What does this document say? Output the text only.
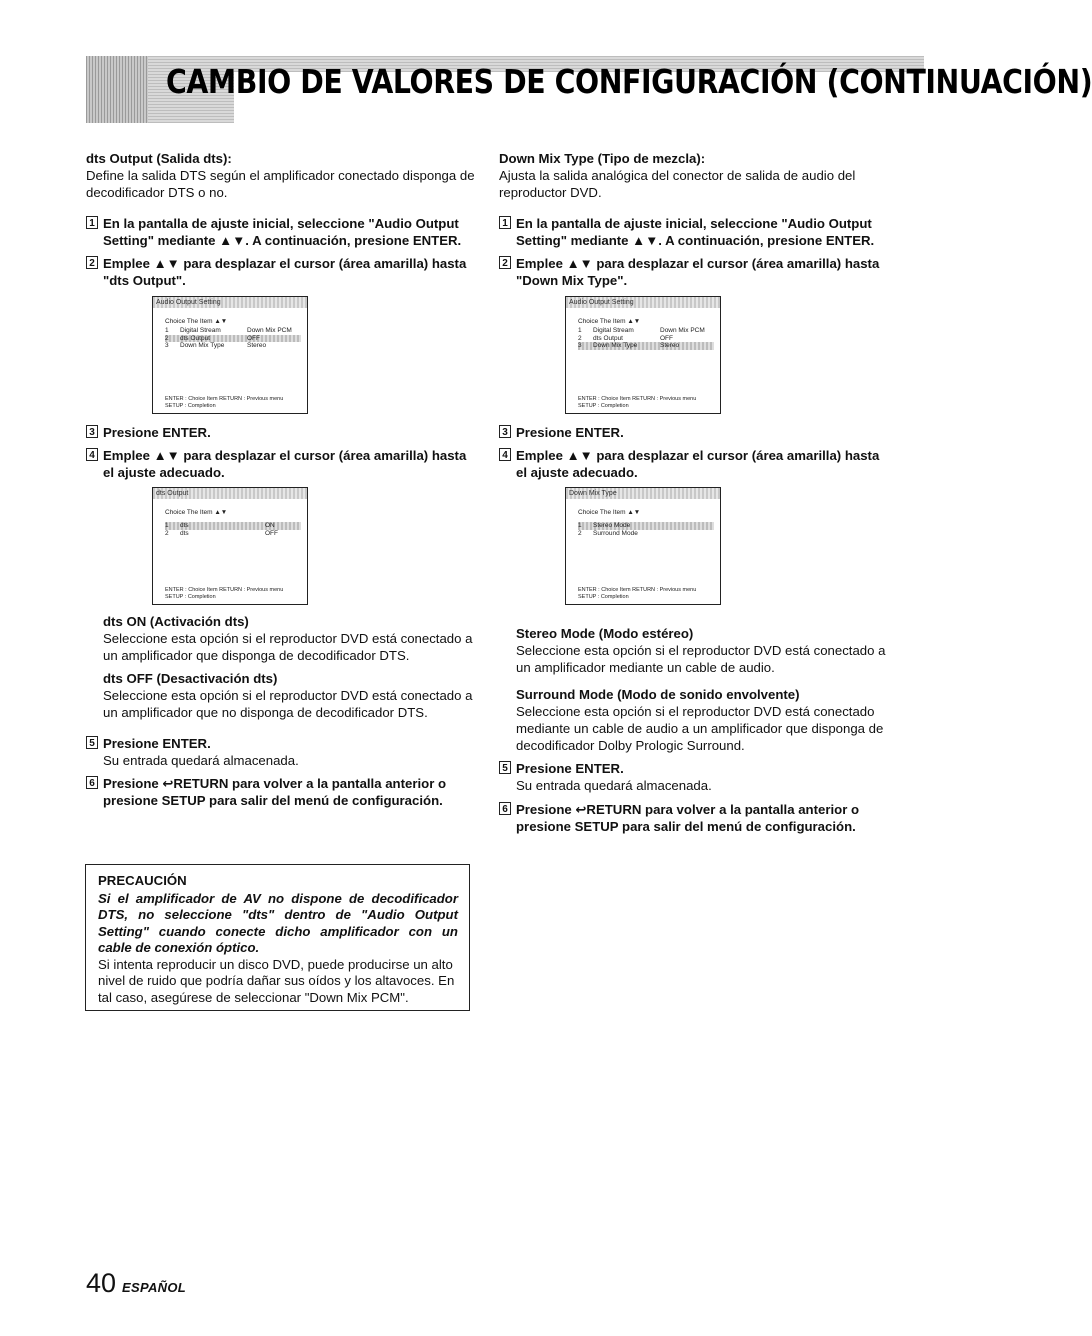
CAMBIO DE VALORES DE CONFIGURACIÓN (CONTINUACIÓN)

dts Output (Salida dts):

Define la salida DTS según el amplificador conectado disponga de decodificador DTS o no.

1 En la pantalla de ajuste inicial, seleccione "Audio Output Setting" mediante ▲▼. A continuación, presione ENTER.

2 Emplee ▲▼ para desplazar el cursor (área amarilla) hasta "dts Output".

Audio Output Setting
Choice The Item ▲▼
1 Digital Stream	Down Mix PCM
2 dts Output	OFF
3 Down Mix Type	Stereo
ENTER : Choice Item RETURN : Previous menu
SETUP : Completion

3 Presione ENTER.

4 Emplee ▲▼ para desplazar el cursor (área amarilla) hasta el ajuste adecuado.

dts Output
Choice The Item ▲▼
1 dts	ON
2 dts	OFF
ENTER : Choice Item RETURN : Previous menu
SETUP : Completion

dts ON (Activación dts)

Seleccione esta opción si el reproductor DVD está conectado a un amplificador que disponga de decodificador DTS.

dts OFF (Desactivación dts)

Seleccione esta opción si el reproductor DVD está conectado a un amplificador que no disponga de decodificador DTS.

5 Presione ENTER.

Su entrada quedará almacenada.

6 Presione ↩RETURN para volver a la pantalla anterior o presione SETUP para salir del menú de configuración.

PRECAUCIÓN

Si el amplificador de AV no dispone de decodificador DTS, no seleccione "dts" dentro de "Audio Output Setting" cuando conecte dicho amplificador con un cable de conexión óptico.

Si intenta reproducir un disco DVD, puede producirse un alto nivel de ruido que podría dañar sus oídos y los altavoces. En tal caso, asegúrese de seleccionar "Down Mix PCM".

Down Mix Type (Tipo de mezcla):

Ajusta la salida analógica del conector de salida de audio del reproductor DVD.

1 En la pantalla de ajuste inicial, seleccione "Audio Output Setting" mediante ▲▼. A continuación, presione ENTER.

2 Emplee ▲▼ para desplazar el cursor (área amarilla) hasta "Down Mix Type".

Audio Output Setting
Choice The Item ▲▼
1 Digital Stream	Down Mix PCM
2 dts Output	OFF
3 Down Mix Type	Stereo
ENTER : Choice Item RETURN : Previous menu
SETUP : Completion

3 Presione ENTER.

4 Emplee ▲▼ para desplazar el cursor (área amarilla) hasta el ajuste adecuado.

Down Mix Type
Choice The Item ▲▼
1 Stereo Mode
2 Surround Mode
ENTER : Choice Item RETURN : Previous menu
SETUP : Completion

Stereo Mode (Modo estéreo)

Seleccione esta opción si el reproductor DVD está conectado a un amplificador mediante un cable de audio.

Surround Mode (Modo de sonido envolvente)

Seleccione esta opción si el reproductor DVD está conectado mediante un cable de audio a un amplificador que disponga de decodificador Dolby Prologic Surround.

5 Presione ENTER.

Su entrada quedará almacenada.

6 Presione ↩RETURN para volver a la pantalla anterior o presione SETUP para salir del menú de configuración.

40 ESPAÑOL
